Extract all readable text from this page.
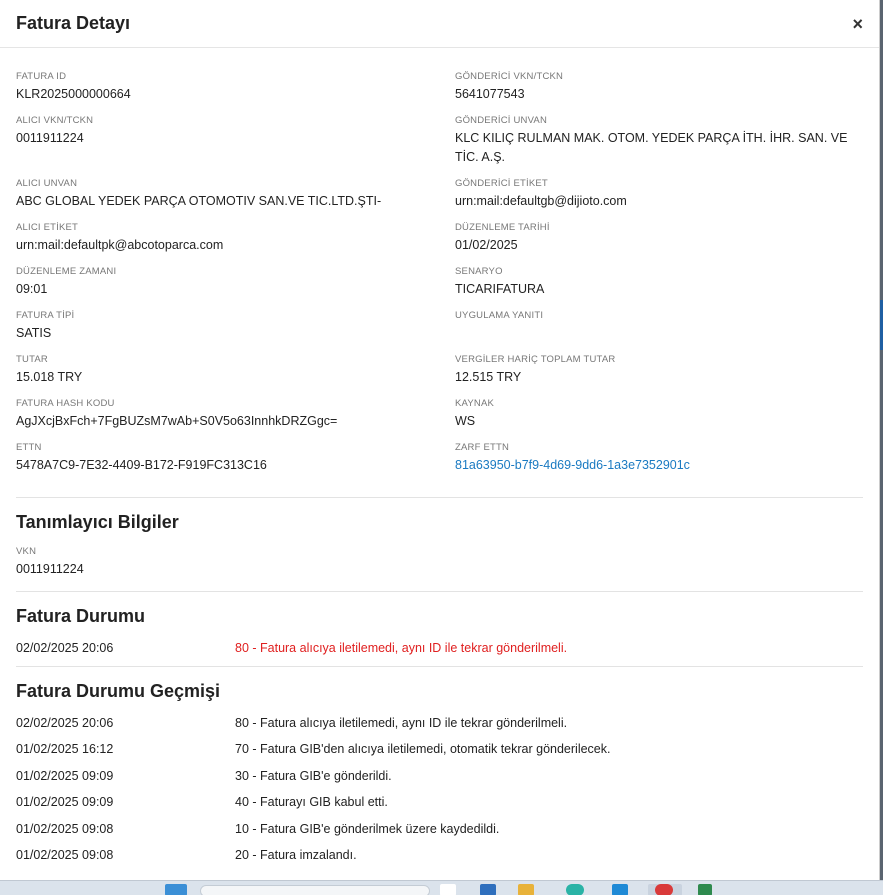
Fatura Detayı	×
FATURA ID
KLR2025000000664
GÖNDERİCİ VKN/TCKN
5641077543
ALICI VKN/TCKN
0011911224
GÖNDERİCİ UNVAN
KLC KILIÇ RULMAN MAK. OTOM. YEDEK PARÇA İTH. İHR. SAN. VE TİC. A.Ş.
ALICI UNVAN
ABC GLOBAL YEDEK PARÇA OTOMOTIV SAN.VE TIC.LTD.ŞTI-
GÖNDERİCİ ETİKET
urn:mail:defaultgb@dijioto.com
ALICI ETİKET
urn:mail:defaultpk@abcotoparca.com
DÜZENLEME TARİHİ
01/02/2025
DÜZENLEME ZAMANI
09:01
SENARYO
TICARIFATURA
FATURA TİPİ
SATIS
UYGULAMA YANITI
TUTAR
15.018 TRY
VERGİLER HARİÇ TOPLAM TUTAR
12.515 TRY
FATURA HASH KODU
AgJXcjBxFch+7FgBUZsM7wAb+S0V5o63InnhkDRZGgc=
KAYNAK
WS
ETTN
5478A7C9-7E32-4409-B172-F919FC313C16
ZARF ETTN
81a63950-b7f9-4d69-9dd6-1a3e7352901c
Tanımlayıcı Bilgiler
VKN
0011911224
Fatura Durumu
02/02/2025 20:06	80 - Fatura alıcıya iletilemedi, aynı ID ile tekrar gönderilmeli.
Fatura Durumu Geçmişi
02/02/2025 20:06	80 - Fatura alıcıya iletilemedi, aynı ID ile tekrar gönderilmeli.
01/02/2025 16:12	70 - Fatura GIB'den alıcıya iletilemedi, otomatik tekrar gönderilecek.
01/02/2025 09:09	30 - Fatura GIB'e gönderildi.
01/02/2025 09:09	40 - Faturayı GIB kabul etti.
01/02/2025 09:08	10 - Fatura GIB'e gönderilmek üzere kaydedildi.
01/02/2025 09:08	20 - Fatura imzalandı.
